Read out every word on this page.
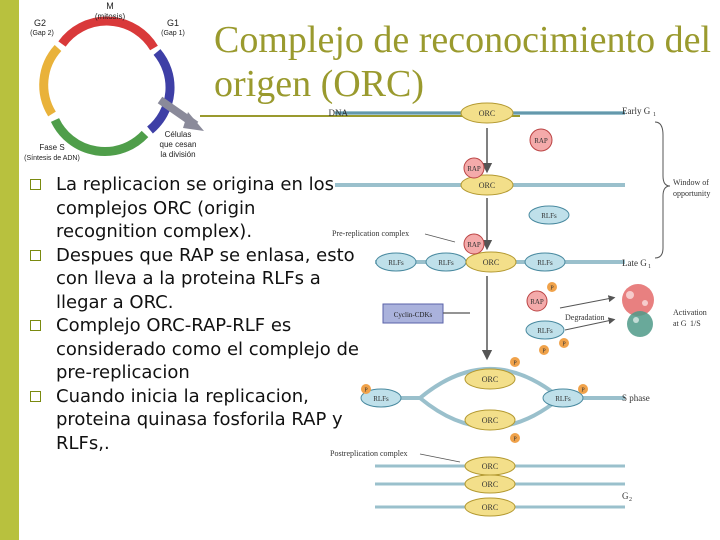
M
(mitosis)
G2
(Gap 2)
G1
(Gap 1)
Fase S
(Síntesis de ADN)
Células
que cesan
la división
Complejo de reconocimiento del origen (ORC)
La replicacion se origina en los complejos ORC (origin recognition complex).
Despues que RAP se enlasa, esto con lleva a la proteina RLFs a llegar a ORC.
Complejo ORC-RAP-RLF es considerado como el complejo de pre-replicacion
Cuando inicia la replicacion, proteina quinasa fosforila RAP y RLFs,.
DNA	ORC	Early G 1
RAP
ORC
RAP
RLFs
Pre-replication complex
RLFs	RLFs	ORC	RLFs
RAP
Late G 1
Window of
opportunity
Cyclin-CDKs
RAP
P
RLFs
P
P
Degradation
Activation
at G 1/S
RLFs	RLFs
ORC
ORC
P
P	P
P
S phase
Postreplication complex
ORC
ORC
ORC
G 2
